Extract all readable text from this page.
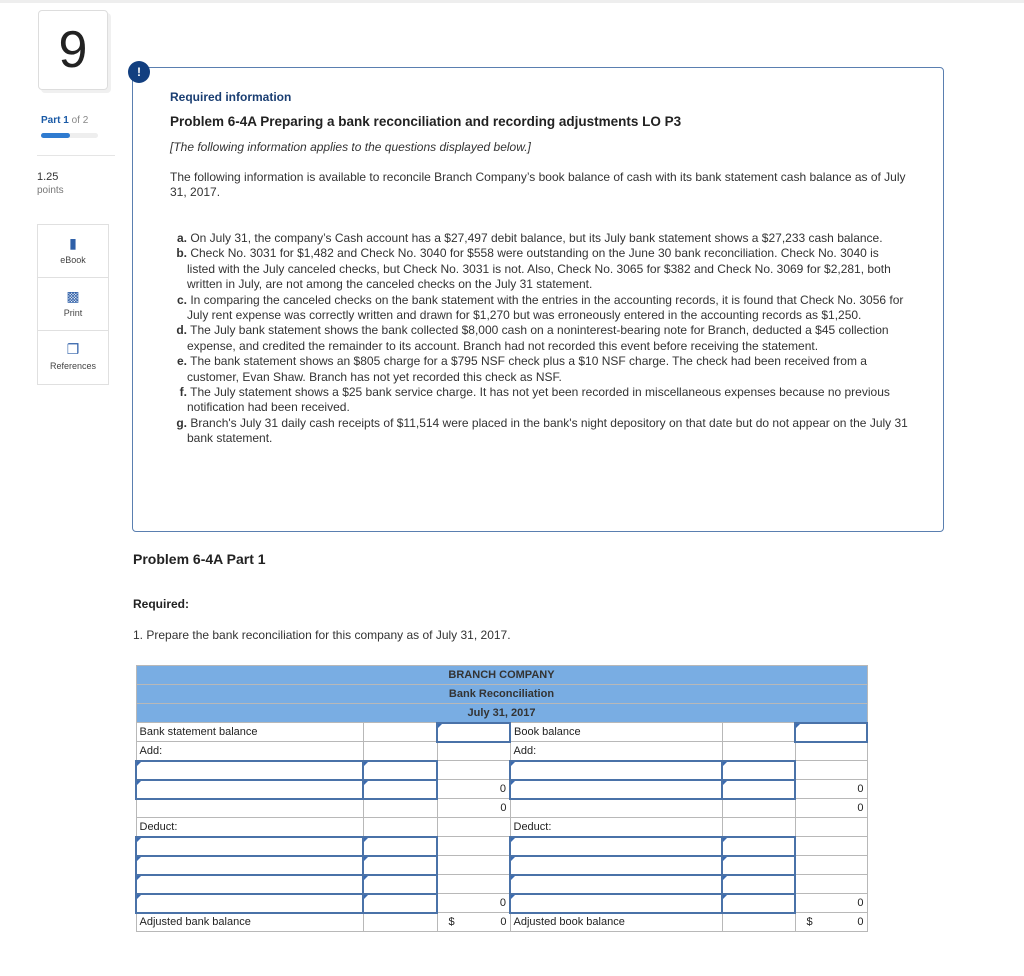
9
Part 1 of 2
1.25
points
▮
eBook
▩
Print
❐
References
!
Required information
Problem 6-4A Preparing a bank reconciliation and recording adjustments LO P3
[The following information applies to the questions displayed below.]
The following information is available to reconcile Branch Company’s book balance of cash with its bank statement cash balance as of July 31, 2017.
a. On July 31, the company’s Cash account has a $27,497 debit balance, but its July bank statement shows a $27,233 cash balance.
b. Check No. 3031 for $1,482 and Check No. 3040 for $558 were outstanding on the June 30 bank reconciliation. Check No. 3040 is listed with the July canceled checks, but Check No. 3031 is not. Also, Check No. 3065 for $382 and Check No. 3069 for $2,281, both written in July, are not among the canceled checks on the July 31 statement.
c. In comparing the canceled checks on the bank statement with the entries in the accounting records, it is found that Check No. 3056 for July rent expense was correctly written and drawn for $1,270 but was erroneously entered in the accounting records as $1,250.
d. The July bank statement shows the bank collected $8,000 cash on a noninterest-bearing note for Branch, deducted a $45 collection expense, and credited the remainder to its account. Branch had not recorded this event before receiving the statement.
e. The bank statement shows an $805 charge for a $795 NSF check plus a $10 NSF charge. The check had been received from a customer, Evan Shaw. Branch has not yet recorded this check as NSF.
f. The July statement shows a $25 bank service charge. It has not yet been recorded in miscellaneous expenses because no previous notification had been received.
g. Branch's July 31 daily cash receipts of $11,514 were placed in the bank's night depository on that date but do not appear on the July 31 bank statement.
Problem 6-4A Part 1
Required:
1. Prepare the bank reconciliation for this company as of July 31, 2017.
BRANCH COMPANY					
Bank Reconciliation					
July 31, 2017					
Bank statement balance			Book balance		
Add:			Add:		

		0			0
		0			0
Deduct:			Deduct:		

		0			0
Adjusted bank balance		$ 0	Adjusted book balance		$ 0
